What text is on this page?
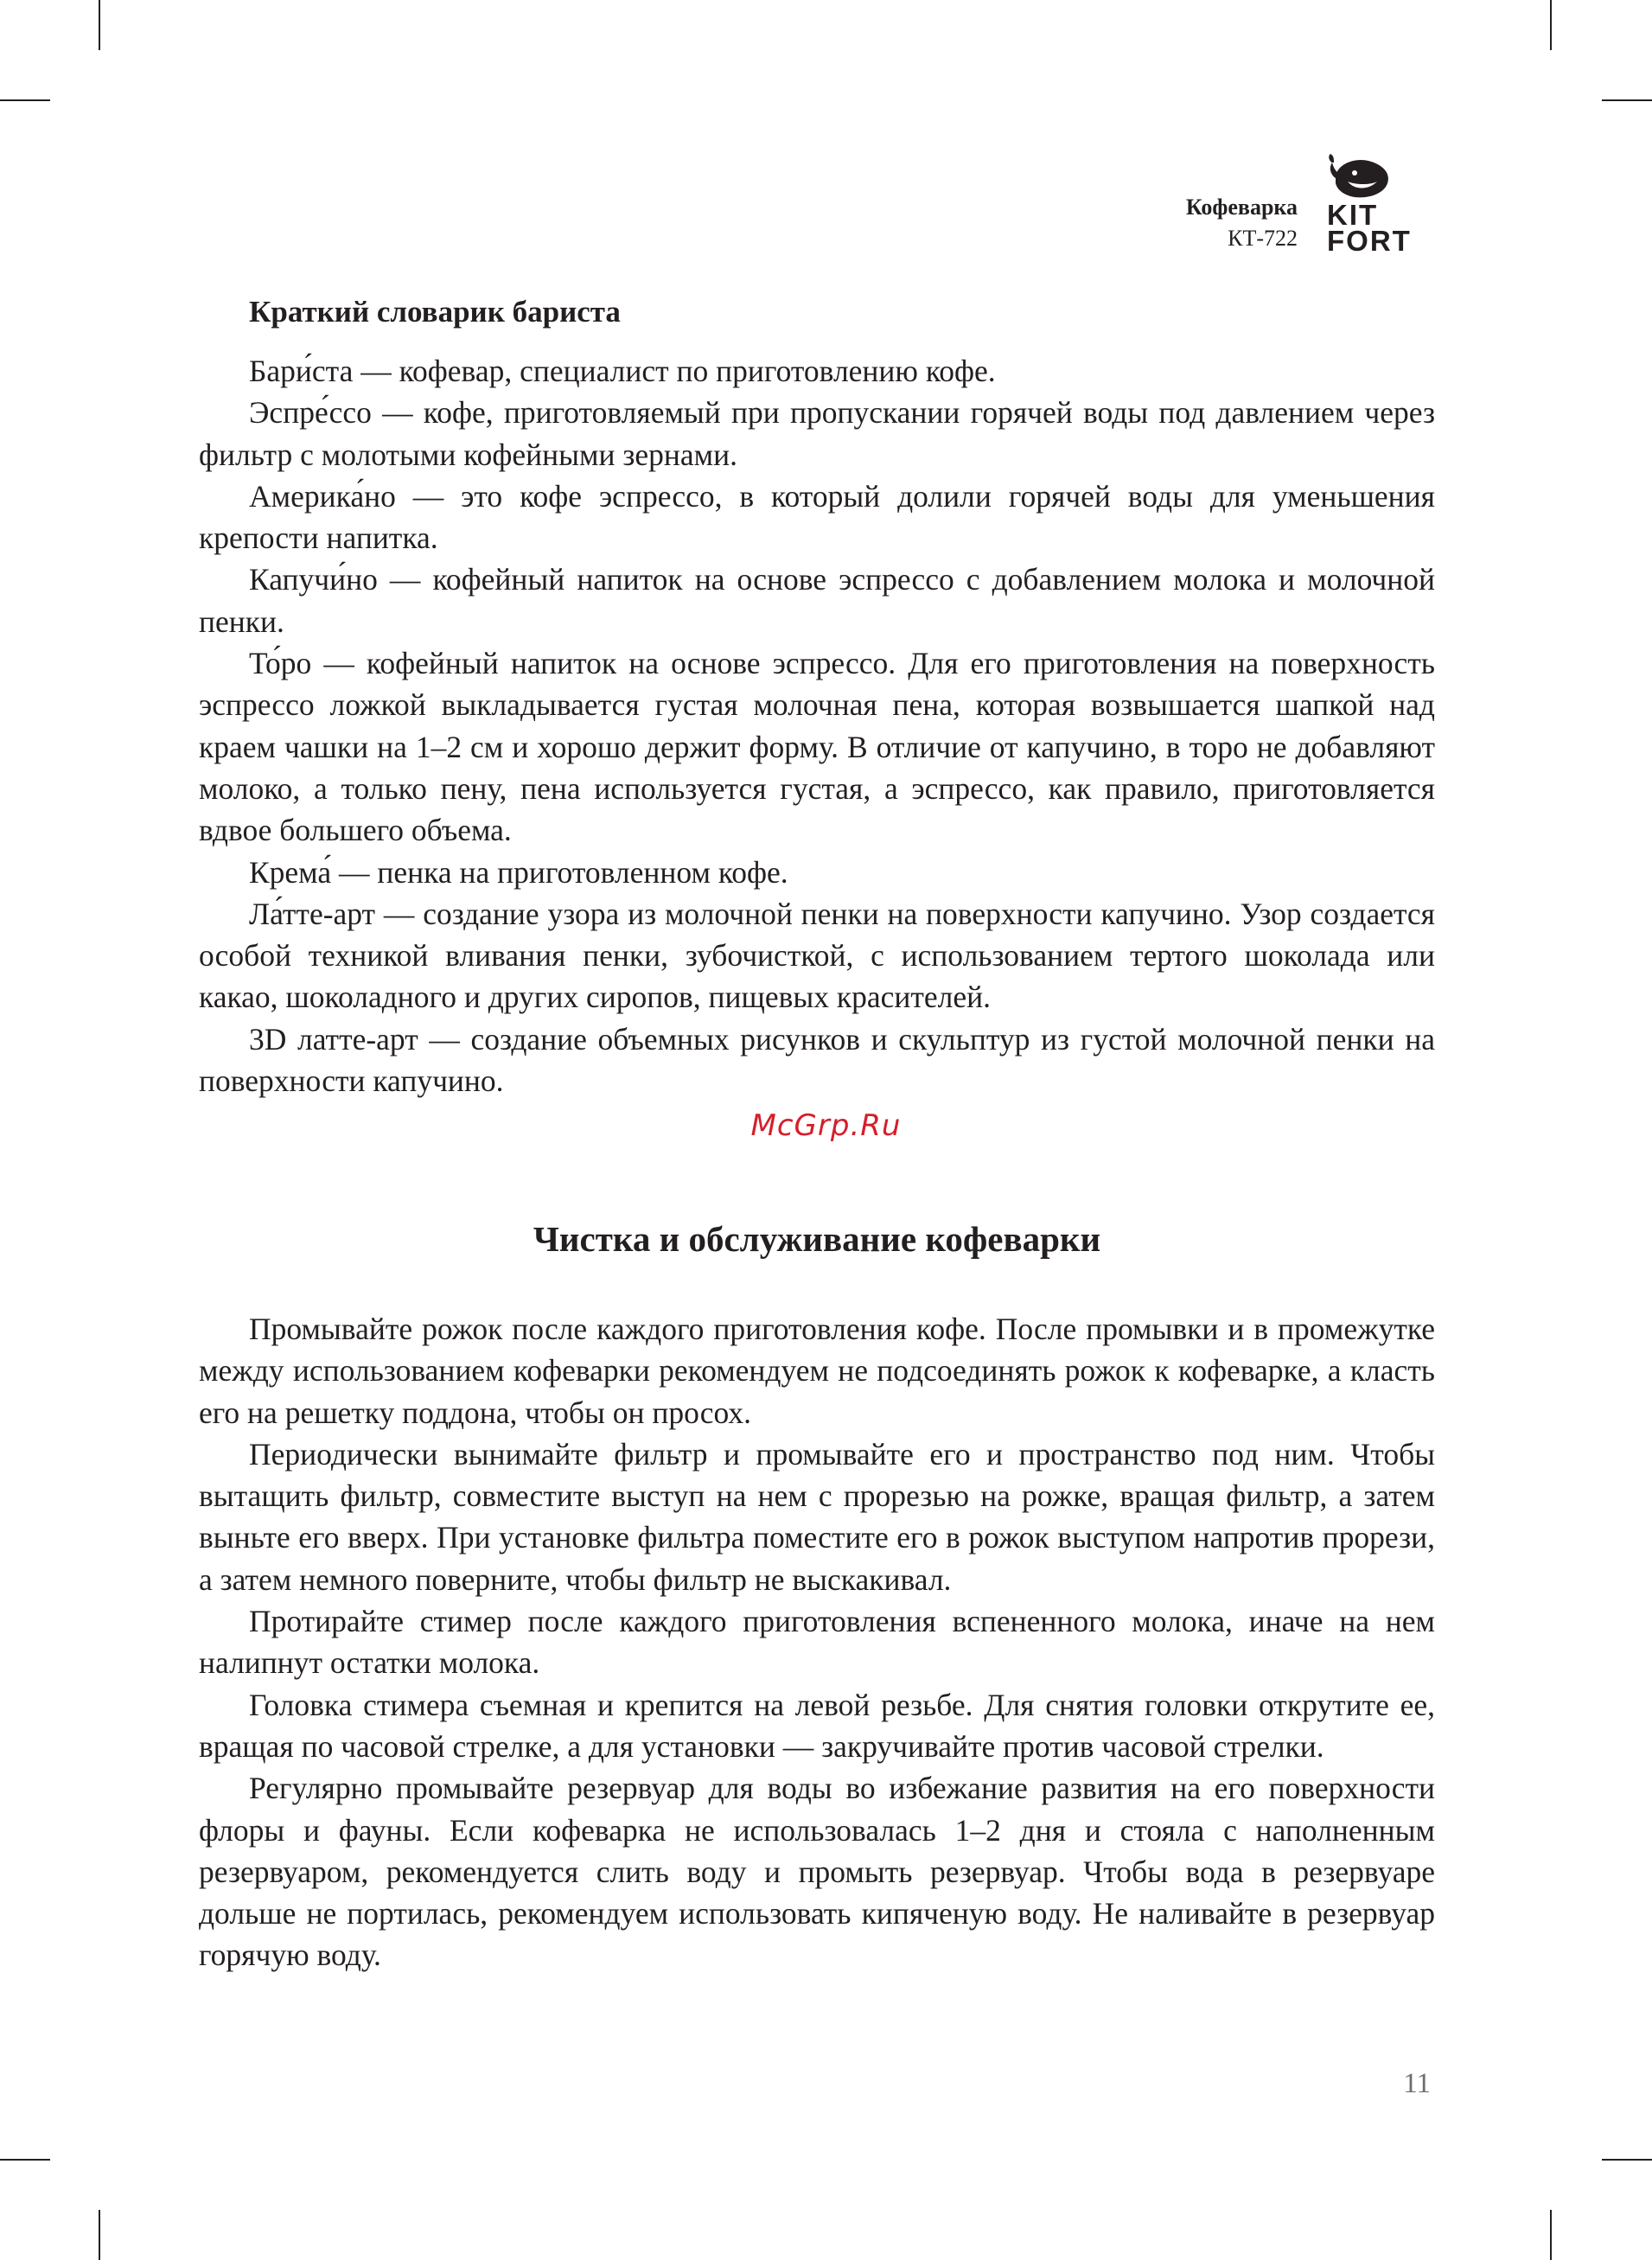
Кофеварка
КТ-722
KIT
FORT
Краткий словарик бариста

Бари́ста — кофевар, специалист по приготовлению кофе.

Эспре́ссо — кофе, приготовляемый при пропускании горячей воды под давлением через фильтр с молотыми кофейными зернами.

Америка́но — это кофе эспрессо, в который долили горячей воды для уменьшения крепости напитка.

Капучи́но — кофейный напиток на основе эспрессо с добавлением молока и молочной пенки.

То́ро — кофейный напиток на основе эспрессо. Для его приготовления на поверхность эспрессо ложкой выкладывается густая молочная пена, которая возвышается шапкой над краем чашки на 1–2 см и хорошо держит форму. В отличие от капучино, в торо не добавляют молоко, а только пену, пена используется густая, а эспрессо, как правило, приготовляется вдвое большего объема.

Крема́ — пенка на приготовленном кофе.

Ла́тте-арт — создание узора из молочной пенки на поверхности капучино. Узор создается особой техникой вливания пенки, зубочисткой, с использованием тертого шоколада или какао, шоколадного и других сиропов, пищевых красителей.

3D латте-арт — создание объемных рисунков и скульптур из густой молочной пенки на поверхности капучино.

McGrp.Ru
Чистка и обслуживание кофеварки

Промывайте рожок после каждого приготовления кофе. После промывки и в промежутке между использованием кофеварки рекомендуем не подсоединять рожок к кофеварке, а класть его на решетку поддона, чтобы он просох.

Периодически вынимайте фильтр и промывайте его и пространство под ним. Чтобы вытащить фильтр, совместите выступ на нем с прорезью на рожке, вращая фильтр, а затем выньте его вверх. При установке фильтра поместите его в рожок выступом напротив прорези, а затем немного поверните, чтобы фильтр не выскакивал.

Протирайте стимер после каждого приготовления вспененного молока, иначе на нем налипнут остатки молока.

Головка стимера съемная и крепится на левой резьбе. Для снятия головки открутите ее, вращая по часовой стрелке, а для установки — закручивайте против часовой стрелки.

Регулярно промывайте резервуар для воды во избежание развития на его поверхности флоры и фауны. Если кофеварка не использовалась 1–2 дня и стояла с наполненным резервуаром, рекомендуется слить воду и промыть резервуар. Чтобы вода в резервуаре дольше не портилась, рекомендуем использовать кипяченую воду. Не наливайте в резервуар горячую воду.

11
